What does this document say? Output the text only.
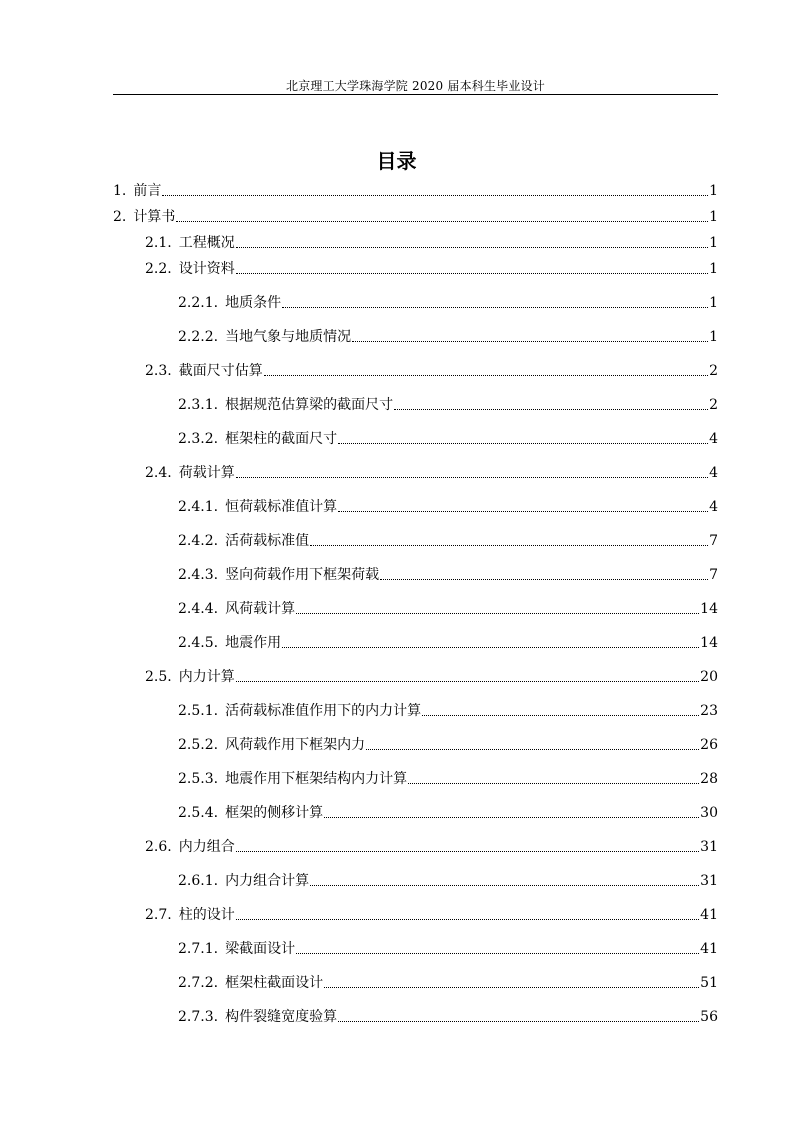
北京理工大学珠海学院 2020 届本科生毕业设计
目录
1. 前言	1
2. 计算书	1
2.1. 工程概况	1
2.2. 设计资料	1
2.2.1. 地质条件	1
2.2.2. 当地气象与地质情况	1
2.3. 截面尺寸估算	2
2.3.1. 根据规范估算梁的截面尺寸	2
2.3.2. 框架柱的截面尺寸	4
2.4. 荷载计算	4
2.4.1. 恒荷载标准值计算	4
2.4.2. 活荷载标准值	7
2.4.3. 竖向荷载作用下框架荷载	7
2.4.4. 风荷载计算	14
2.4.5. 地震作用	14
2.5. 内力计算	20
2.5.1. 活荷载标准值作用下的内力计算	23
2.5.2. 风荷载作用下框架内力	26
2.5.3. 地震作用下框架结构内力计算	28
2.5.4. 框架的侧移计算	30
2.6. 内力组合	31
2.6.1. 内力组合计算	31
2.7. 柱的设计	41
2.7.1. 梁截面设计	41
2.7.2. 框架柱截面设计	51
2.7.3. 构件裂缝宽度验算	56
